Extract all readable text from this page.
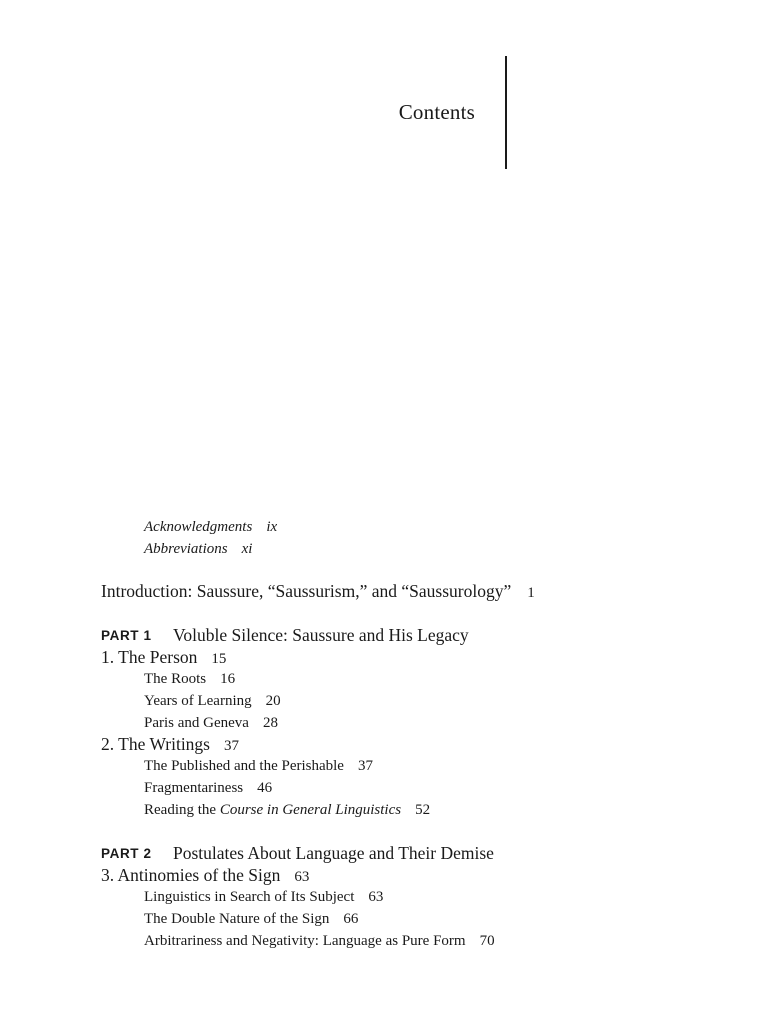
Contents
Acknowledgments ix
Abbreviations xi
Introduction: Saussure, “Saussurism,” and “Saussurology” 1
PART 1 Voluble Silence: Saussure and His Legacy
1. The Person 15
The Roots 16
Years of Learning 20
Paris and Geneva 28
2. The Writings 37
The Published and the Perishable 37
Fragmentariness 46
Reading the Course in General Linguistics 52
PART 2 Postulates About Language and Their Demise
3. Antinomies of the Sign 63
Linguistics in Search of Its Subject 63
The Double Nature of the Sign 66
Arbitrariness and Negativity: Language as Pure Form 70
